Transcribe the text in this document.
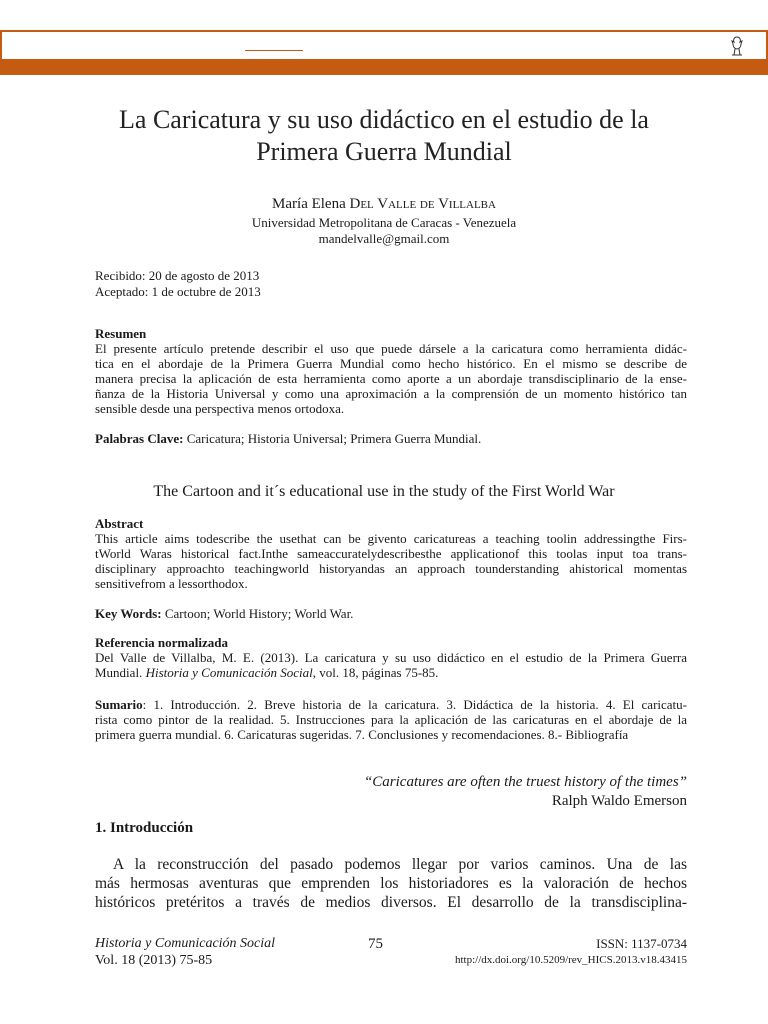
La Caricatura y su uso didáctico en el estudio de la
Primera Guerra Mundial
María Elena Del Valle de Villalba
Universidad Metropolitana de Caracas - Venezuela
mandelvalle@gmail.com
Recibido: 20 de agosto de 2013
Aceptado: 1 de octubre de 2013
Resumen
El presente artículo pretende describir el uso que puede dársele a la caricatura como herramienta didác-
tica en el abordaje de la Primera Guerra Mundial como hecho histórico. En el mismo se describe de
manera precisa la aplicación de esta herramienta como aporte a un abordaje transdisciplinario de la ense-
ñanza de la Historia Universal y como una aproximación a la comprensión de un momento histórico tan
sensible desde una perspectiva menos ortodoxa.
Palabras Clave: Caricatura; Historia Universal; Primera Guerra Mundial.
The Cartoon and it´s educational use in the study of the First World War
Abstract
This article aims todescribe the usethat can be givento caricatureas a teaching toolin addressingthe Firs-
tWorld Waras historical fact.Inthe sameaccuratelydescribesthe applicationof this toolas input toa trans-
disciplinary approachto teachingworld historyandas an approach tounderstanding ahistorical momentas
sensitivefrom a lessorthodox.
Key Words: Cartoon; World History; World War.
Referencia normalizada
Del Valle de Villalba, M. E. (2013). La caricatura y su uso didáctico en el estudio de la Primera Guerra
Mundial. Historia y Comunicación Social, vol. 18, páginas 75-85.
Sumario: 1. Introducción. 2. Breve historia de la caricatura. 3. Didáctica de la historia. 4. El caricatu-
rista como pintor de la realidad. 5. Instrucciones para la aplicación de las caricaturas en el abordaje de la
primera guerra mundial. 6. Caricaturas sugeridas. 7. Conclusiones y recomendaciones. 8.- Bibliografía
“Caricatures are often the truest history of the times”
Ralph Waldo Emerson
1. Introducción
A la reconstrucción del pasado podemos llegar por varios caminos. Una de las
más hermosas aventuras que emprenden los historiadores es la valoración de hechos
históricos pretéritos a través de medios diversos. El desarrollo de la transdisciplina-
Historia y Comunicación Social
Vol. 18 (2013) 75-85
75	ISSN: 1137-0734
http://dx.doi.org/10.5209/rev_HICS.2013.v18.43415
